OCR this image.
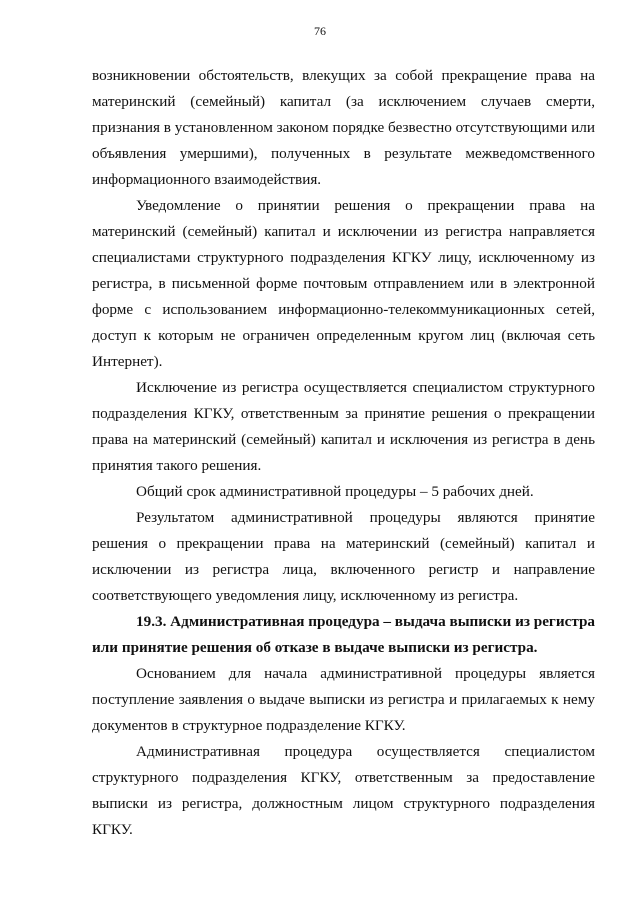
76

возникновении обстоятельств, влекущих за собой прекращение права на материнский (семейный) капитал (за исключением случаев смерти, признания в установленном законом порядке безвестно отсутствующими или объявления умершими), полученных в результате межведомственного информационного взаимодействия.

Уведомление о принятии решения о прекращении права на материнский (семейный) капитал и исключении из регистра направляется специалистами структурного подразделения КГКУ лицу, исключенному из регистра, в письменной форме почтовым отправлением или в электронной форме с использованием информационно-телекоммуникационных сетей, доступ к которым не ограничен определенным кругом лиц (включая сеть Интернет).

Исключение из регистра осуществляется специалистом структурного подразделения КГКУ, ответственным за принятие решения о прекращении права на материнский (семейный) капитал и исключения из регистра в день принятия такого решения.

Общий срок административной процедуры – 5 рабочих дней.

Результатом административной процедуры являются принятие решения о прекращении права на материнский (семейный) капитал и исключении из регистра лица, включенного регистр и направление соответствующего уведомления лицу, исключенному из регистра.

19.3. Административная процедура – выдача выписки из регистра или принятие решения об отказе в выдаче выписки из регистра.

Основанием для начала административной процедуры является поступление заявления о выдаче выписки из регистра и прилагаемых к нему документов в структурное подразделение КГКУ.

Административная процедура осуществляется специалистом структурного подразделения КГКУ, ответственным за предоставление выписки из регистра, должностным лицом структурного подразделения КГКУ.
